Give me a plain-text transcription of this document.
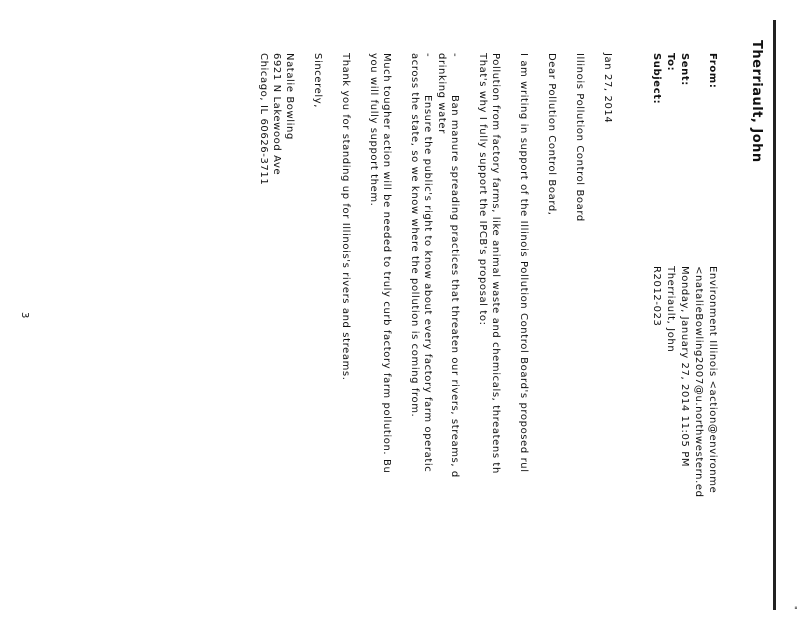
"
Therriault, John
From:
Environment Illinois <action@environme
<natalieBowling2007@u.northwestern.ed
Sent:
Monday, January 27, 2014 11:05 PM
To:
Therriault, John
Subject:
R2012-023
Jan 27, 2014
Illinois Pollution Control Board
Dear Pollution Control Board,
I am writing in support of the Illinois Pollution Control Board's proposed rul
Pollution from factory farms, like animal waste and chemicals, threatens th
That's why I fully support the IPCB's proposal to:
-
Ban manure spreading practices that threaten our rivers, streams, d
drinking water
-
Ensure the public's right to know about every factory farm operatic
across the state, so we know where the pollution is coming from.
Much tougher action will be needed to truly curb factory farm pollution. Bu
you will fully support them.
Thank you for standing up for Illinois's rivers and streams.
Sincerely,
Natalie Bowling
6921 N Lakewood Ave
Chicago, IL 60626-3711
3
